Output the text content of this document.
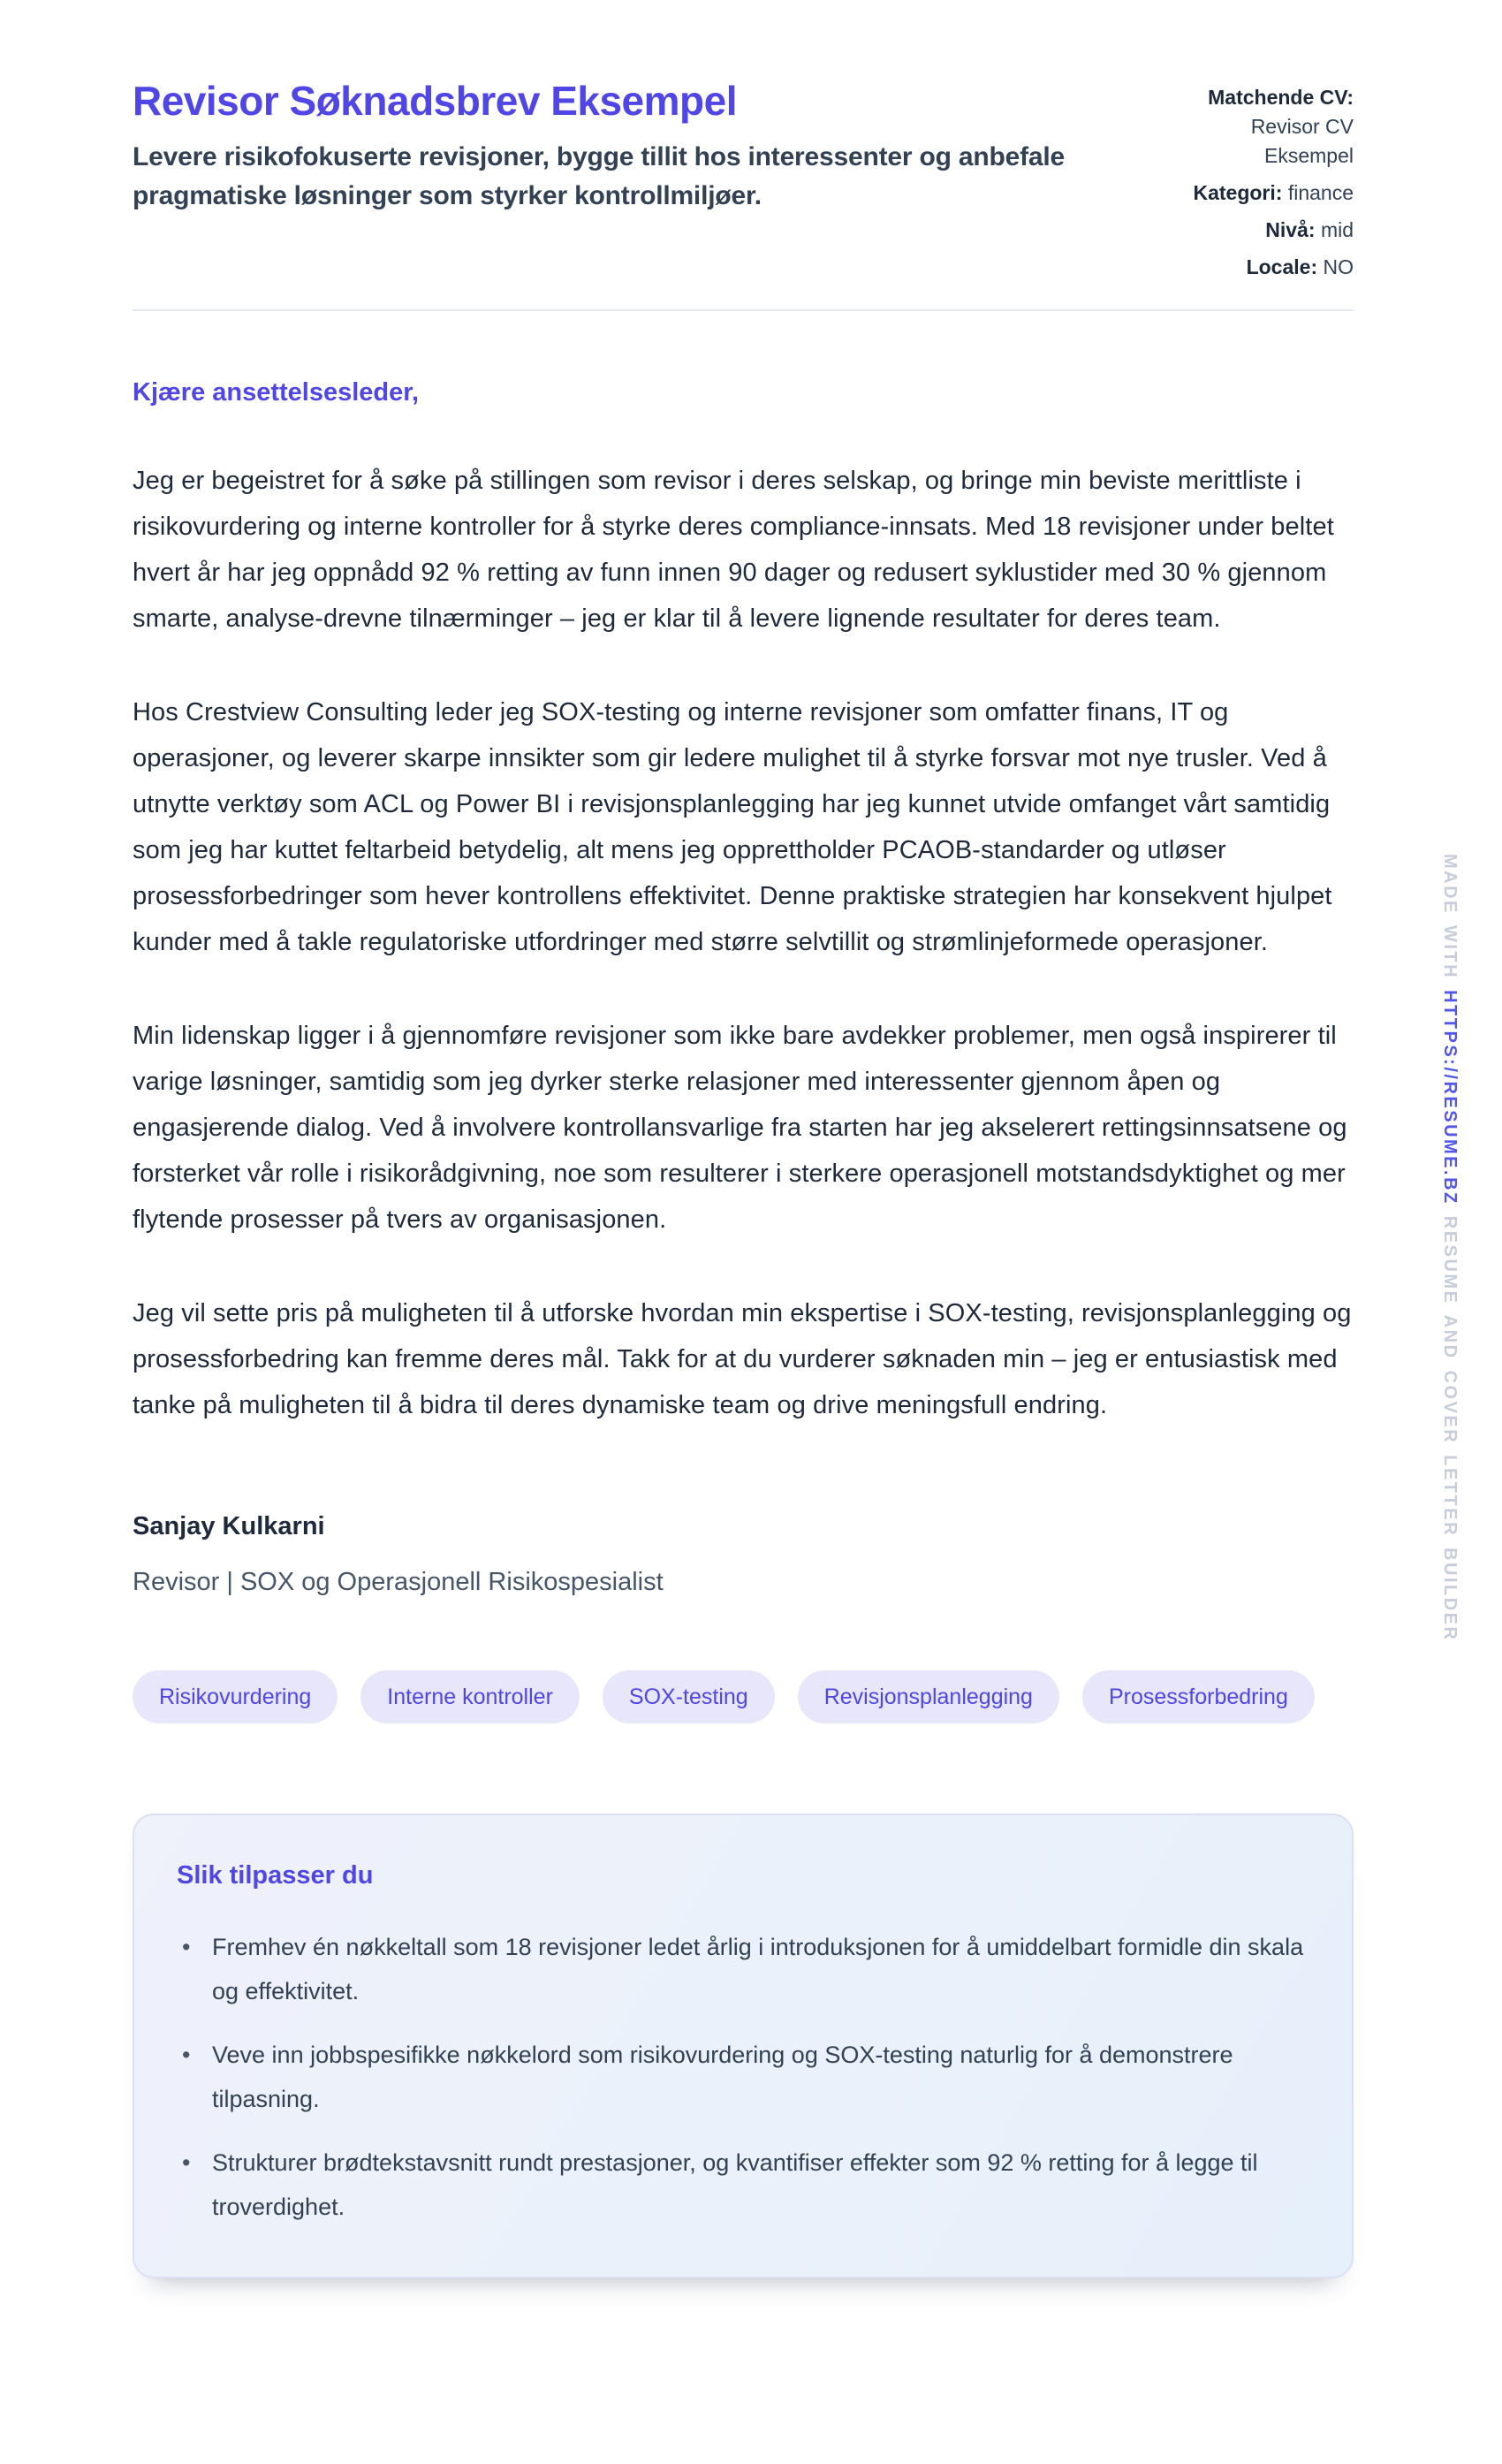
Revisor Søknadsbrev Eksempel

Levere risikofokuserte revisjoner, bygge tillit hos interessenter og anbefale pragmatiske løsninger som styrker kontrollmiljøer.

Matchende CV: Revisor CV Eksempel
Kategori: finance
Nivå: mid
Locale: NO

Kjære ansettelsesleder,

Jeg er begeistret for å søke på stillingen som revisor i deres selskap, og bringe min beviste merittliste i risikovurdering og interne kontroller for å styrke deres compliance-innsats. Med 18 revisjoner under beltet hvert år har jeg oppnådd 92 % retting av funn innen 90 dager og redusert syklustider med 30 % gjennom smarte, analyse-drevne tilnærminger – jeg er klar til å levere lignende resultater for deres team.

Hos Crestview Consulting leder jeg SOX-testing og interne revisjoner som omfatter finans, IT og operasjoner, og leverer skarpe innsikter som gir ledere mulighet til å styrke forsvar mot nye trusler. Ved å utnytte verktøy som ACL og Power BI i revisjonsplanlegging har jeg kunnet utvide omfanget vårt samtidig som jeg har kuttet feltarbeid betydelig, alt mens jeg opprettholder PCAOB-standarder og utløser prosessforbedringer som hever kontrollens effektivitet. Denne praktiske strategien har konsekvent hjulpet kunder med å takle regulatoriske utfordringer med større selvtillit og strømlinjeformede operasjoner.

Min lidenskap ligger i å gjennomføre revisjoner som ikke bare avdekker problemer, men også inspirerer til varige løsninger, samtidig som jeg dyrker sterke relasjoner med interessenter gjennom åpen og engasjerende dialog. Ved å involvere kontrollansvarlige fra starten har jeg akselerert rettingsinnsatsene og forsterket vår rolle i risikorådgivning, noe som resulterer i sterkere operasjonell motstandsdyktighet og mer flytende prosesser på tvers av organisasjonen.

Jeg vil sette pris på muligheten til å utforske hvordan min ekspertise i SOX-testing, revisjonsplanlegging og prosessforbedring kan fremme deres mål. Takk for at du vurderer søknaden min – jeg er entusiastisk med tanke på muligheten til å bidra til deres dynamiske team og drive meningsfull endring.

Sanjay Kulkarni

Revisor | SOX og Operasjonell Risikospesialist

Risikovurdering	Interne kontroller	SOX-testing	Revisjonsplanlegging	Prosessforbedring
Slik tilpasser du
• Fremhev én nøkkeltall som 18 revisjoner ledet årlig i introduksjonen for å umiddelbart formidle din skala og effektivitet.
• Veve inn jobbspesifikke nøkkelord som risikovurdering og SOX-testing naturlig for å demonstrere tilpasning.
• Strukturer brødtekstavsnitt rundt prestasjoner, og kvantifiser effekter som 92 % retting for å legge til troverdighet.
MADE WITH HTTPS://RESUME.BZ RESUME AND COVER LETTER BUILDER
